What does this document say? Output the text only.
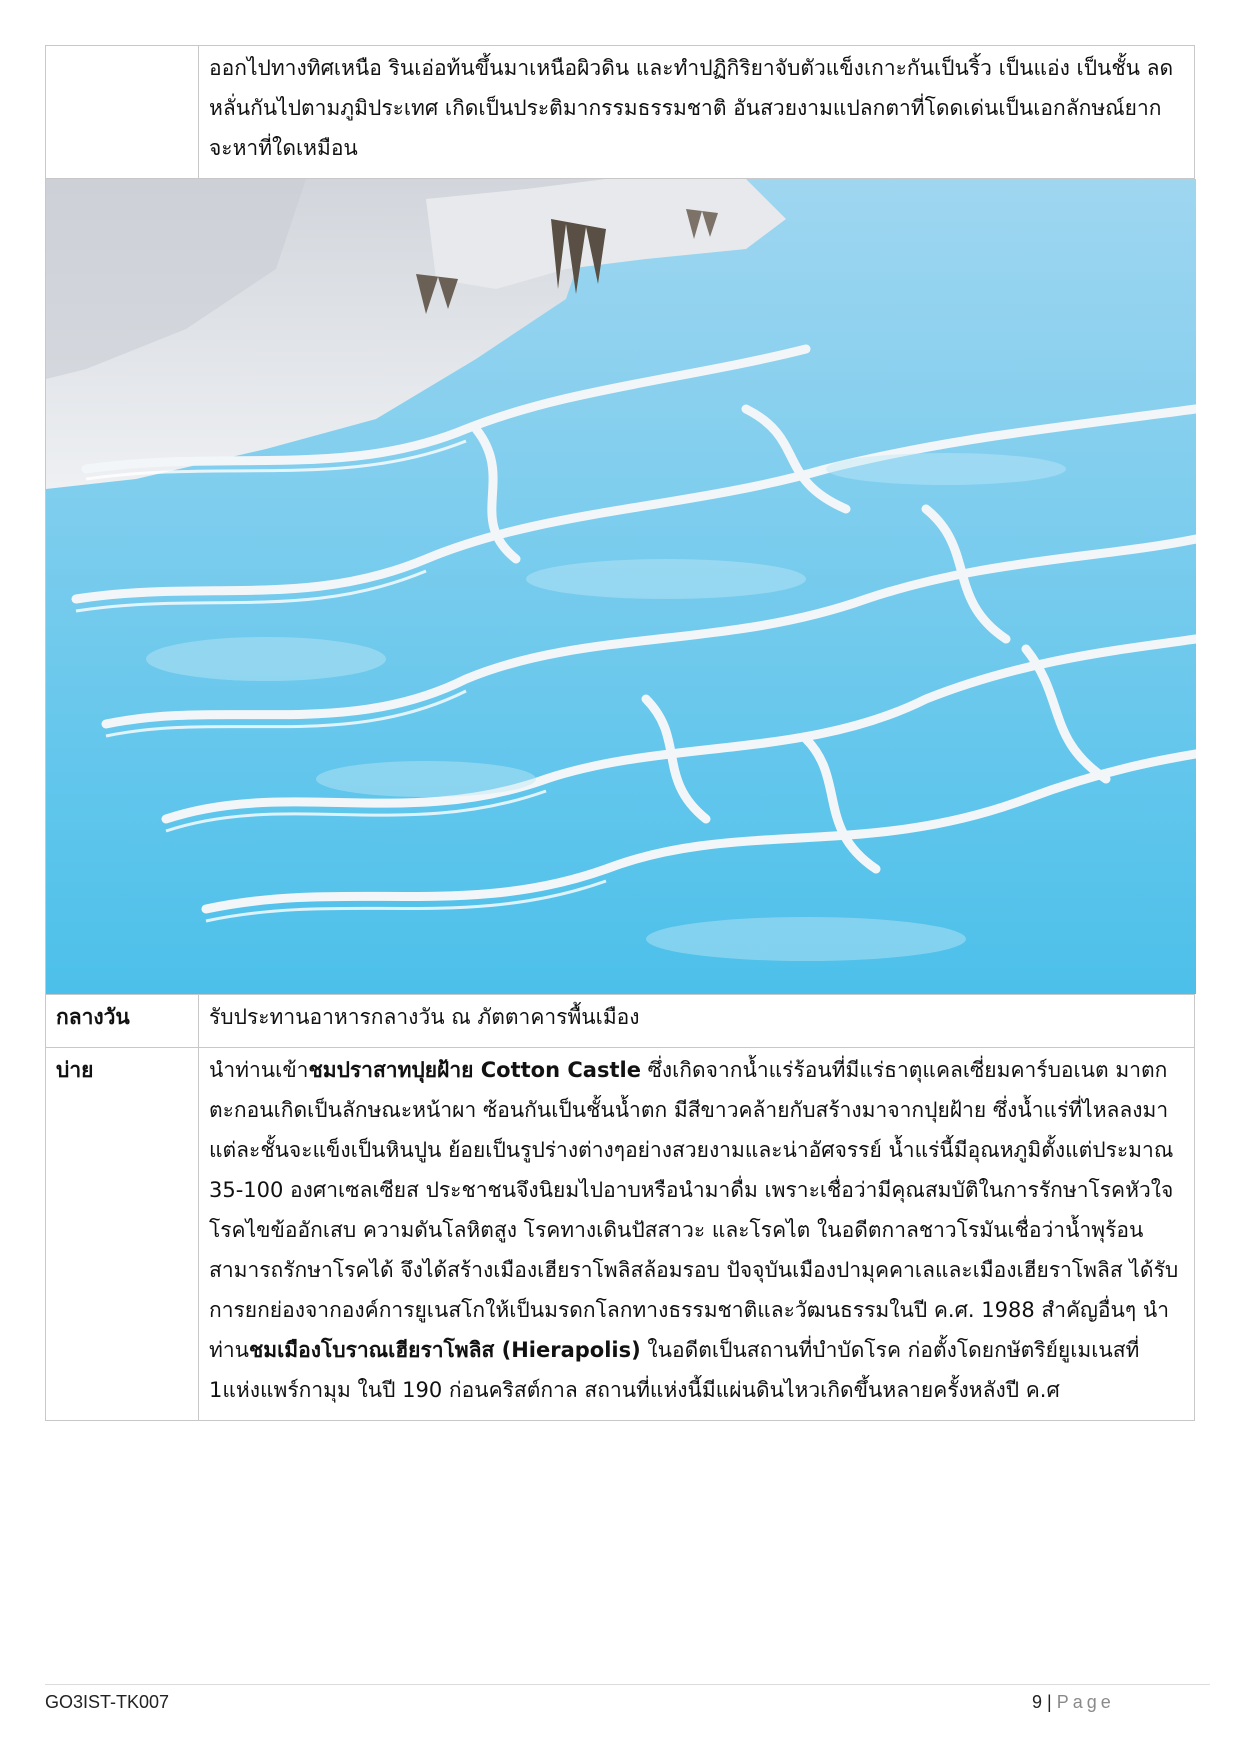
	ออกไปทางทิศเหนือ รินเอ่อท้นขึ้นมาเหนือผิวดิน และทำปฏิกิริยาจับตัวแข็งเกาะกันเป็นริ้ว เป็นแอ่ง เป็นชั้น ลดหลั่นกันไปตามภูมิประเทศ เกิดเป็นประติมากรรมธรรมชาติ อันสวยงามแปลกตาที่โดดเด่นเป็นเอกลักษณ์ยากจะหาที่ใดเหมือน

กลางวัน	รับประทานอาหารกลางวัน ณ ภัตตาคารพื้นเมือง
บ่าย	นำท่านเข้าชมปราสาทปุยฝ้าย Cotton Castle ซึ่งเกิดจากน้ำแร่ร้อนที่มีแร่ธาตุแคลเซี่ยมคาร์บอเนต มาตกตะกอนเกิดเป็นลักษณะหน้าผา ซ้อนกันเป็นชั้นน้ำตก มีสีขาวคล้ายกับสร้างมาจากปุยฝ้าย ซึ่งน้ำแร่ที่ไหลลงมาแต่ละชั้นจะแข็งเป็นหินปูน ย้อยเป็นรูปร่างต่างๆอย่างสวยงามและน่าอัศจรรย์ น้ำแร่นี้มีอุณหภูมิตั้งแต่ประมาณ 35-100 องศาเซลเซียส ประชาชนจึงนิยมไปอาบหรือนำมาดื่ม เพราะเชื่อว่ามีคุณสมบัติในการรักษาโรคหัวใจ โรคไขข้ออักเสบ ความดันโลหิตสูง โรคทางเดินปัสสาวะ และโรคไต ในอดีตกาลชาวโรมันเชื่อว่าน้ำพุร้อนสามารถรักษาโรคได้ จึงได้สร้างเมืองเฮียราโพลิสล้อมรอบ ปัจจุบันเมืองปามุคคาเลและเมืองเฮียราโพลิส ได้รับการยกย่องจากองค์การยูเนสโกให้เป็นมรดกโลกทางธรรมชาติและวัฒนธรรมในปี ค.ศ. 1988 สำคัญอื่นๆ นำท่านชมเมืองโบราณเฮียราโพลิส (Hierapolis) ในอดีตเป็นสถานที่บำบัดโรค ก่อตั้งโดยกษัตริย์ยูเมเนสที่ 1แห่งแพร์กามุม ในปี 190 ก่อนคริสต์กาล สถานที่แห่งนี้มีแผ่นดินไหวเกิดขึ้นหลายครั้งหลังปี ค.ศ
GO3IST-TK007	9 | Page
